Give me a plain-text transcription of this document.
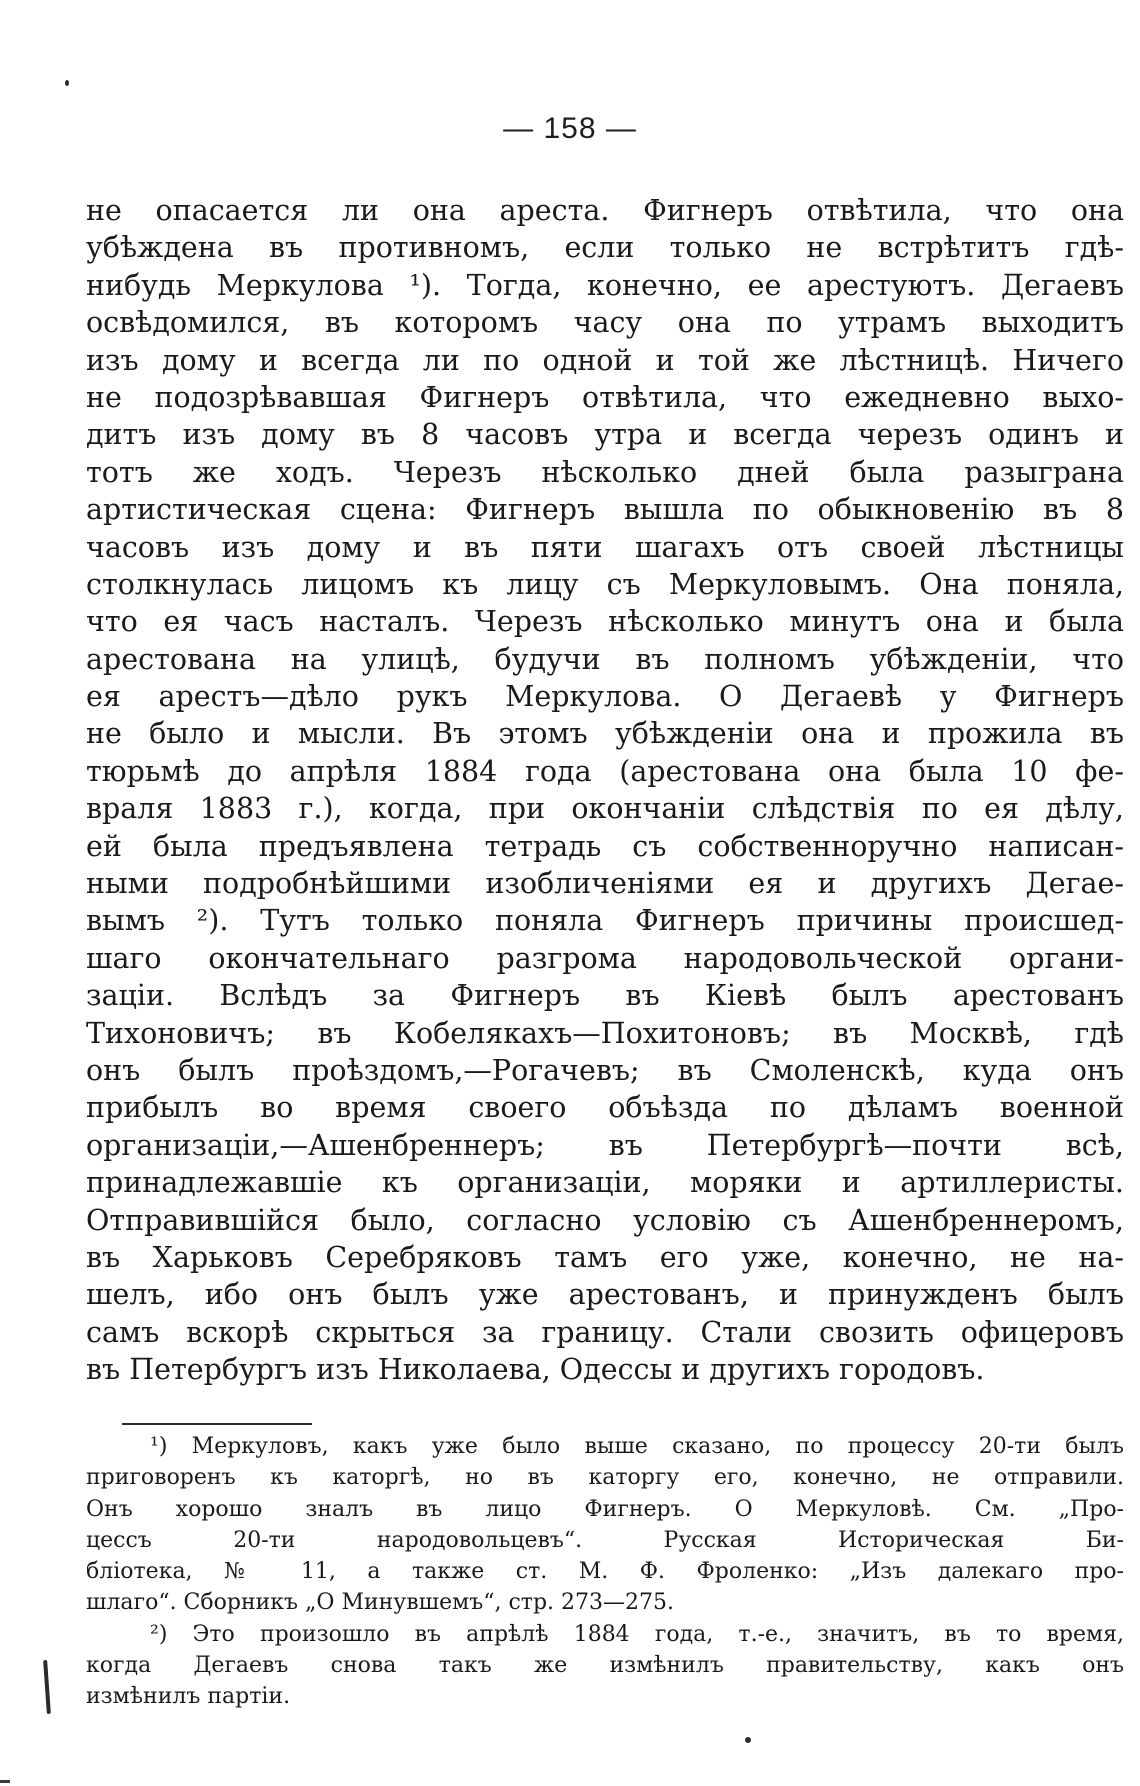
— 158 —
не опасается ли она ареста. Фигнеръ отвѣтила, что она
убѣждена въ противномъ, если только не встрѣтитъ гдѣ-
нибудь Меркулова ¹). Тогда, конечно, ее арестуютъ. Дегаевъ
освѣдомился, въ которомъ часу она по утрамъ выходитъ
изъ дому и всегда ли по одной и той же лѣстницѣ. Ничего
не подозрѣвавшая Фигнеръ отвѣтила, что ежедневно выхо-
дитъ изъ дому въ 8 часовъ утра и всегда черезъ одинъ и
тотъ же ходъ. Черезъ нѣсколько дней была разыграна
артистическая сцена: Фигнеръ вышла по обыкновенію въ 8
часовъ изъ дому и въ пяти шагахъ отъ своей лѣстницы
столкнулась лицомъ къ лицу съ Меркуловымъ. Она поняла,
что ея часъ насталъ. Черезъ нѣсколько минутъ она и была
арестована на улицѣ, будучи въ полномъ убѣжденіи, что
ея арестъ—дѣло рукъ Меркулова. О Дегаевѣ у Фигнеръ
не было и мысли. Въ этомъ убѣжденіи она и прожила въ
тюрьмѣ до апрѣля 1884 года (арестована она была 10 фе-
враля 1883 г.), когда, при окончаніи слѣдствія по ея дѣлу,
ей была предъявлена тетрадь съ собственноручно написан-
ными подробнѣйшими изобличеніями ея и другихъ Дегае-
вымъ ²). Тутъ только поняла Фигнеръ причины происшед-
шаго окончательнаго разгрома народовольческой органи-
заціи. Вслѣдъ за Фигнеръ въ Кіевѣ былъ арестованъ
Тихоновичъ; въ Кобелякахъ—Похитоновъ; въ Москвѣ, гдѣ
онъ былъ проѣздомъ,—Рогачевъ; въ Смоленскѣ, куда онъ
прибылъ во время своего объѣзда по дѣламъ военной
организаціи,—Ашенбреннеръ; въ Петербургѣ—почти всѣ,
принадлежавшіе къ организаціи, моряки и артиллеристы.
Отправившійся было, согласно условію съ Ашенбреннеромъ,
въ Харьковъ Серебряковъ тамъ его уже, конечно, не на-
шелъ, ибо онъ былъ уже арестованъ, и принужденъ былъ
самъ вскорѣ скрыться за границу. Стали свозить офицеровъ
въ Петербургъ изъ Николаева, Одессы и другихъ городовъ.
¹) Меркуловъ, какъ уже было выше сказано, по процессу 20-ти былъ
приговоренъ къ каторгѣ, но въ каторгу его, конечно, не отправили.
Онъ хорошо зналъ въ лицо Фигнеръ. О Меркуловѣ. См. „Про-
цессъ 20-ти народовольцевъ“. Русская Историческая Би-
бліотека, № 11, а также ст. М. Ф. Фроленко: „Изъ далекаго про-
шлаго“. Сборникъ „О Минувшемъ“, стр. 273—275.
²) Это произошло въ апрѣлѣ 1884 года, т.-е., значитъ, въ то время,
когда Дегаевъ снова такъ же измѣнилъ правительству, какъ онъ
измѣнилъ партіи.
